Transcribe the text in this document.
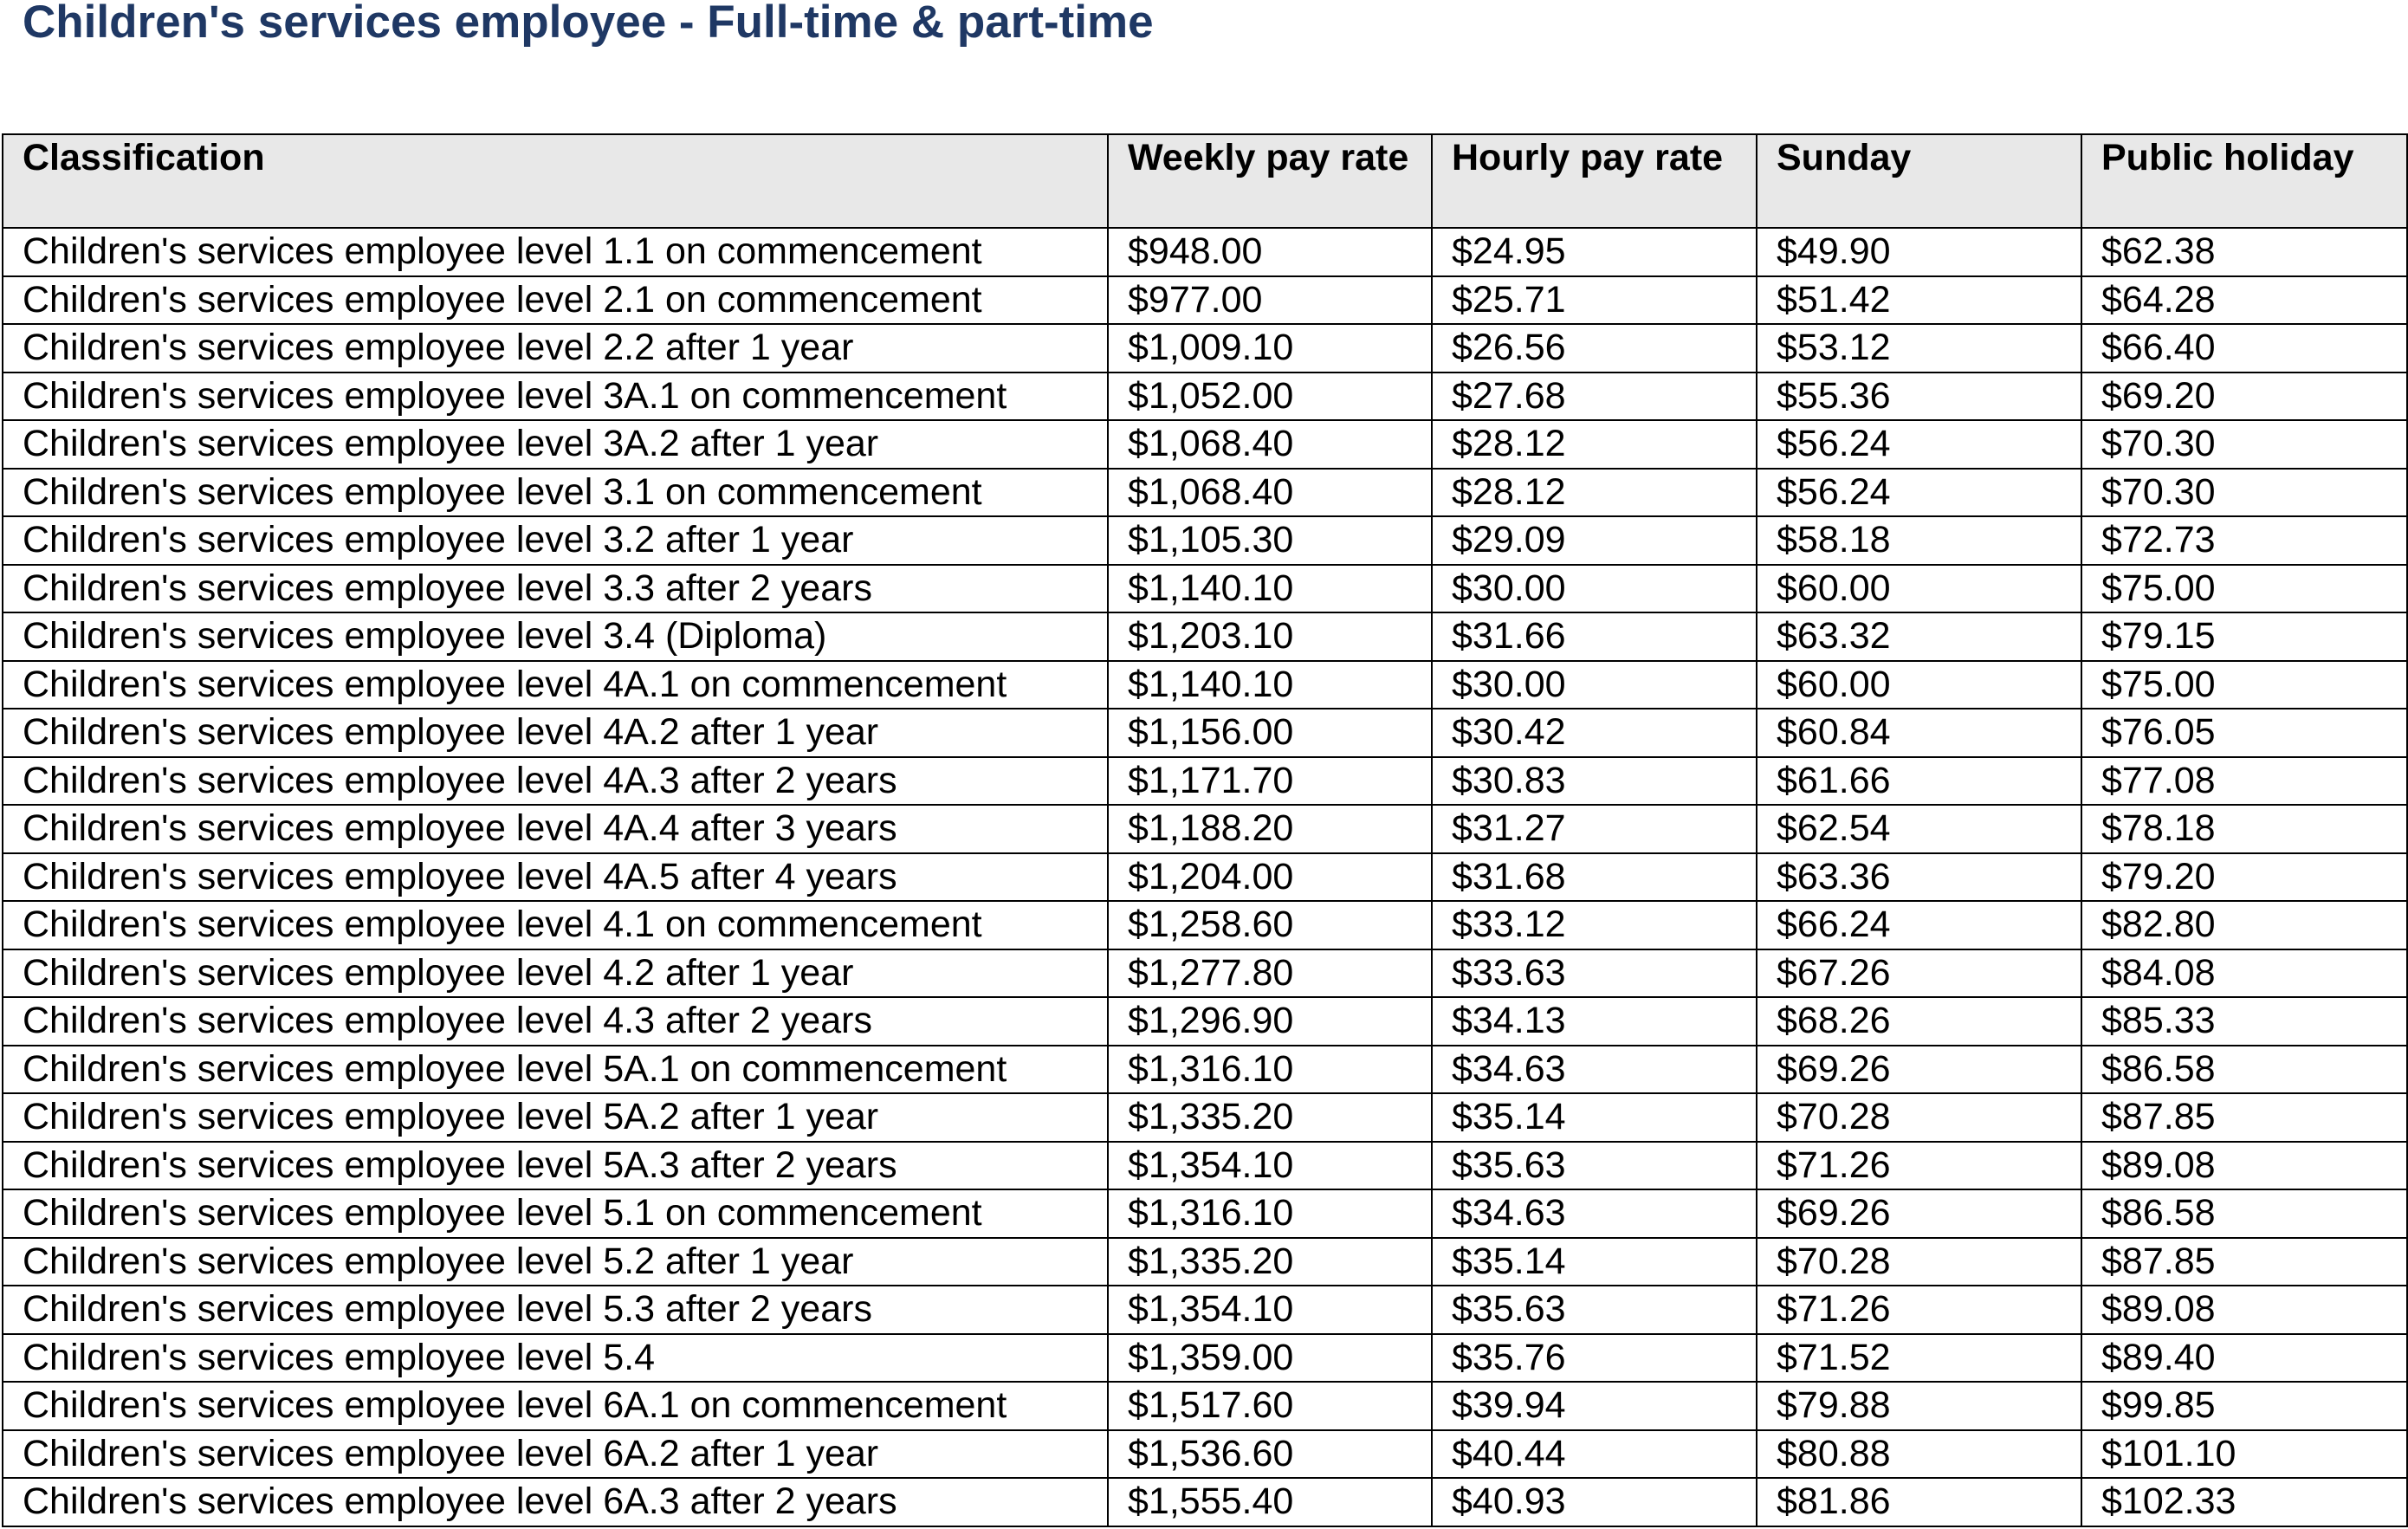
Children's services employee - Full-time & part-time
Classification	Weekly pay rate	Hourly pay rate	Sunday	Public holiday
Children's services employee level 1.1 on commencement	$948.00	$24.95	$49.90	$62.38
Children's services employee level 2.1 on commencement	$977.00	$25.71	$51.42	$64.28
Children's services employee level 2.2 after 1 year	$1,009.10	$26.56	$53.12	$66.40
Children's services employee level 3A.1 on commencement	$1,052.00	$27.68	$55.36	$69.20
Children's services employee level 3A.2 after 1 year	$1,068.40	$28.12	$56.24	$70.30
Children's services employee level 3.1 on commencement	$1,068.40	$28.12	$56.24	$70.30
Children's services employee level 3.2 after 1 year	$1,105.30	$29.09	$58.18	$72.73
Children's services employee level 3.3 after 2 years	$1,140.10	$30.00	$60.00	$75.00
Children's services employee level 3.4 (Diploma)	$1,203.10	$31.66	$63.32	$79.15
Children's services employee level 4A.1 on commencement	$1,140.10	$30.00	$60.00	$75.00
Children's services employee level 4A.2 after 1 year	$1,156.00	$30.42	$60.84	$76.05
Children's services employee level 4A.3 after 2 years	$1,171.70	$30.83	$61.66	$77.08
Children's services employee level 4A.4 after 3 years	$1,188.20	$31.27	$62.54	$78.18
Children's services employee level 4A.5 after 4 years	$1,204.00	$31.68	$63.36	$79.20
Children's services employee level 4.1 on commencement	$1,258.60	$33.12	$66.24	$82.80
Children's services employee level 4.2 after 1 year	$1,277.80	$33.63	$67.26	$84.08
Children's services employee level 4.3 after 2 years	$1,296.90	$34.13	$68.26	$85.33
Children's services employee level 5A.1 on commencement	$1,316.10	$34.63	$69.26	$86.58
Children's services employee level 5A.2 after 1 year	$1,335.20	$35.14	$70.28	$87.85
Children's services employee level 5A.3 after 2 years	$1,354.10	$35.63	$71.26	$89.08
Children's services employee level 5.1 on commencement	$1,316.10	$34.63	$69.26	$86.58
Children's services employee level 5.2 after 1 year	$1,335.20	$35.14	$70.28	$87.85
Children's services employee level 5.3 after 2 years	$1,354.10	$35.63	$71.26	$89.08
Children's services employee level 5.4	$1,359.00	$35.76	$71.52	$89.40
Children's services employee level 6A.1 on commencement	$1,517.60	$39.94	$79.88	$99.85
Children's services employee level 6A.2 after 1 year	$1,536.60	$40.44	$80.88	$101.10
Children's services employee level 6A.3 after 2 years	$1,555.40	$40.93	$81.86	$102.33
